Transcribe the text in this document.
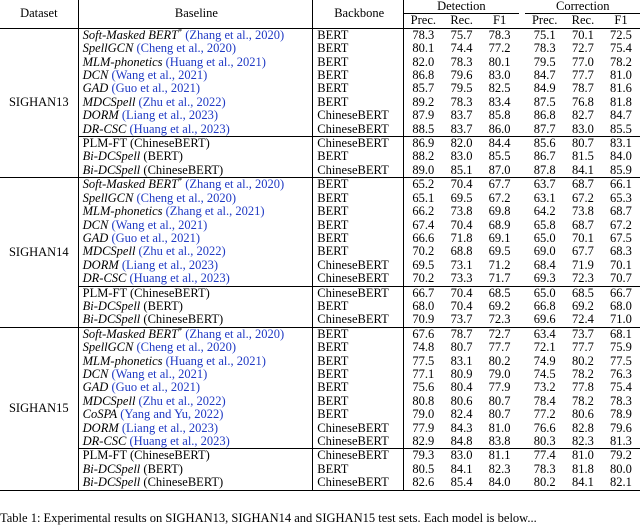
Dataset	Baseline	Backbone	Detection				Correction		
			Prec.	Rec.	F1		Prec.	Rec.	F1
SIGHAN13	Soft-Masked BERT* (Zhang et al., 2020)	BERT	78.3	75.7	78.3		75.1	70.1	72.5
	SpellGCN (Cheng et al., 2020)	BERT	80.1	74.4	77.2		78.3	72.7	75.4
	MLM-phonetics (Huang et al., 2021)	BERT	82.0	78.3	80.1		79.5	77.0	78.2
	DCN (Wang et al., 2021)	BERT	86.8	79.6	83.0		84.7	77.7	81.0
	GAD (Guo et al., 2021)	BERT	85.7	79.5	82.5		84.9	78.7	81.6
	MDCSpell (Zhu et al., 2022)	BERT	89.2	78.3	83.4		87.5	76.8	81.8
	DORM (Liang et al., 2023)	ChineseBERT	87.9	83.7	85.8		86.8	82.7	84.7
	DR-CSC (Huang et al., 2023)	ChineseBERT	88.5	83.7	86.0		87.7	83.0	85.5
	PLM-FT (ChineseBERT)	ChineseBERT	86.9	82.0	84.4		85.6	80.7	83.1
	Bi-DCSpell (BERT)	BERT	88.2	83.0	85.5		86.7	81.5	84.0
	Bi-DCSpell (ChineseBERT)	ChineseBERT	89.0	85.1	87.0		87.8	84.1	85.9
SIGHAN14	Soft-Masked BERT* (Zhang et al., 2020)	BERT	65.2	70.4	67.7		63.7	68.7	66.1
	SpellGCN (Cheng et al., 2020)	BERT	65.1	69.5	67.2		63.1	67.2	65.3
	MLM-phonetics (Zhang et al., 2021)	BERT	66.2	73.8	69.8		64.2	73.8	68.7
	DCN (Wang et al., 2021)	BERT	67.4	70.4	68.9		65.8	68.7	67.2
	GAD (Guo et al., 2021)	BERT	66.6	71.8	69.1		65.0	70.1	67.5
	MDCSpell (Zhu et al., 2022)	BERT	70.2	68.8	69.5		69.0	67.7	68.3
	DORM (Liang et al., 2023)	ChineseBERT	69.5	73.1	71.2		68.4	71.9	70.1
	DR-CSC (Huang et al., 2023)	ChineseBERT	70.2	73.3	71.7		69.3	72.3	70.7
	PLM-FT (ChineseBERT)	ChineseBERT	66.7	70.4	68.5		65.0	68.5	66.7
	Bi-DCSpell (BERT)	BERT	68.0	70.4	69.2		66.8	69.2	68.0
	Bi-DCSpell (ChineseBERT)	ChineseBERT	70.9	73.7	72.3		69.6	72.4	71.0
SIGHAN15	Soft-Masked BERT* (Zhang et al., 2020)	BERT	67.6	78.7	72.7		63.4	73.7	68.1
	SpellGCN (Cheng et al., 2020)	BERT	74.8	80.7	77.7		72.1	77.7	75.9
	MLM-phonetics (Huang et al., 2021)	BERT	77.5	83.1	80.2		74.9	80.2	77.5
	DCN (Wang et al., 2021)	BERT	77.1	80.9	79.0		74.5	78.2	76.3
	GAD (Guo et al., 2021)	BERT	75.6	80.4	77.9		73.2	77.8	75.4
	MDCSpell (Zhu et al., 2022)	BERT	80.8	80.6	80.7		78.4	78.2	78.3
	CoSPA (Yang and Yu, 2022)	BERT	79.0	82.4	80.7		77.2	80.6	78.9
	DORM (Liang et al., 2023)	ChineseBERT	77.9	84.3	81.0		76.6	82.8	79.6
	DR-CSC (Huang et al., 2023)	ChineseBERT	82.9	84.8	83.8		80.3	82.3	81.3
	PLM-FT (ChineseBERT)	ChineseBERT	79.3	83.0	81.1		77.4	81.0	79.2
	Bi-DCSpell (BERT)	BERT	80.5	84.1	82.3		78.3	81.8	80.0
	Bi-DCSpell (ChineseBERT)	ChineseBERT	82.6	85.4	84.0		80.2	84.1	82.1
Table 1: Experimental results on SIGHAN13, SIGHAN14 and SIGHAN15 test sets. Each model is below...
